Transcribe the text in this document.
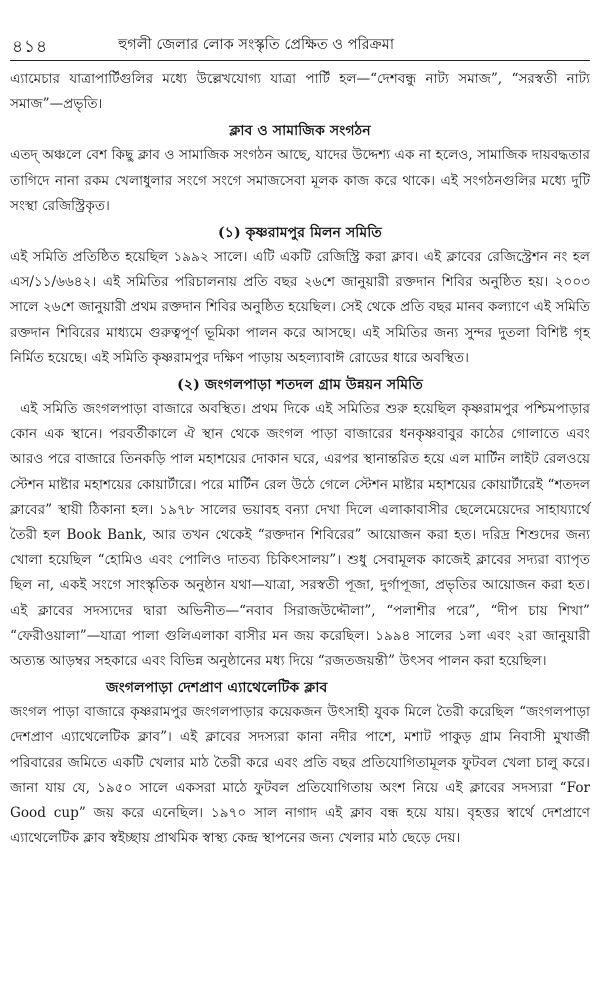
৪১৪	হুগলী জেলার লোক সংস্কৃতি প্রেক্ষিত ও পরিক্রমা

এ্যামেচার যাত্রাপার্টিগুলির মধ্যে উল্লেখযোগ্য যাত্রা পার্টি হল—“দেশবন্ধু নাট্য সমাজ”, “সরস্বতী নাট্য সমাজ”—প্রভৃতি।

ক্লাব ও সামাজিক সংগঠন

এতদ্‌ অঞ্চলে বেশ কিছু ক্লাব ও সামাজিক সংগঠন আছে, যাদের উদ্দেশ্য এক না হলেও, সামাজিক দায়বদ্ধতার তাগিদে নানা রকম খেলাধুলার সংগে সংগে সমাজসেবা মূলক কাজ করে থাকে। এই সংগঠনগুলির মধ্যে দুটি সংস্থা রেজিস্ট্রিকৃত।

(১) কৃষ্ণরামপুর মিলন সমিতি

এই সমিতি প্রতিষ্ঠিত হয়েছিল ১৯৯২ সালে। এটি একটি রেজিস্ট্রি করা ক্লাব। এই ক্লাবের রেজিস্ট্রেশন নং হল এস/১১/৬৬৪২। এই সমিতির পরিচালনায় প্রতি বছর ২৬শে জানুয়ারী রক্তদান শিবির অনুষ্ঠিত হয়। ২০০৩ সালে ২৬শে জানুয়ারী প্রথম রক্তদান শিবির অনুষ্ঠিত হয়েছিল। সেই থেকে প্রতি বছর মানব কল্যাণে এই সমিতি রক্তদান শিবিরের মাধ্যমে গুরুত্বপূর্ণ ভূমিকা পালন করে আসছে। এই সমিতির জন্য সুন্দর দুতলা বিশিষ্ট গৃহ নির্মিত হয়েছে। এই সমিতি কৃষ্ণরামপুর দক্ষিণ পাড়ায় অহল্যাবাঈ রোডের ধারে অবস্থিত।

(২) জংগলপাড়া শতদল গ্রাম উন্নয়ন সমিতি

এই সমিতি জংগলপাড়া বাজারে অবস্থিত। প্রথম দিকে এই সমিতির শুরু হয়েছিল কৃষ্ণরামপুর পশ্চিমপাড়ার কোন এক স্থানে। পরবর্তীকালে ঐ স্থান থেকে জংগল পাড়া বাজারের ধনকৃষ্ণবাবুর কাঠের গোলাতে এবং আরও পরে বাজারে তিনকড়ি পাল মহাশয়ের দোকান ঘরে, এরপর স্থানান্তরিত হয়ে এল মার্টিন লাইট রেলওয়ে স্টেশন মাষ্টার মহাশয়ের কোয়ার্টারে। পরে মার্টিন রেল উঠে গেলে স্টেশন মাষ্টার মহাশয়ের কোয়ার্টারেই “শতদল ক্লাবের” স্থায়ী ঠিকানা হল। ১৯৭৮ সালের ভয়াবহ বন্যা দেখা দিলে এলাকাবাসীর ছেলেমেয়েদের সাহায্যার্থে তৈরী হল Book Bank, আর তখন থেকেই “রক্তদান শিবিরের” আয়োজন করা হত। দরিদ্র শিশুদের জন্য খোলা হয়েছিল “হোমিও এবং পোলিও দাতব্য চিকিৎসালয়”। শুধু সেবামূলক কাজেই ক্লাবের সদ্যরা ব্যাপৃত ছিল না, একই সংগে সাংস্কৃতিক অনুষ্ঠান যথা—যাত্রা, সরস্বতী পূজা, দুর্গাপূজা, প্রভৃতির আয়োজন করা হত। এই ক্লাবের সদস্যদের দ্বারা অভিনীত—“নবাব সিরাজউদ্দৌলা”, “পলাশীর পরে”, “দীপ চায় শিখা” “ফেরীওয়ালা”—যাত্রা পালা গুলিএলাকা বাসীর মন জয় করেছিল। ১৯৯৪ সালের ১লা এবং ২রা জানুয়ারী অত্যন্ত আড়ম্বর সহকারে এবং বিভিন্ন অনুষ্ঠানের মধ্য দিয়ে “রজতজয়ন্তী” উৎসব পালন করা হয়েছিল।

জংগলপাড়া দেশপ্রাণ এ্যাথেলেটিক ক্লাব

জংগল পাড়া বাজারে কৃষ্ণরামপুর জংগলপাড়ার কয়েকজন উৎসাহী যুবক মিলে তৈরী করেছিল “জংগলপাড়া দেশপ্রাণ এ্যাথেলেটিক ক্লাব”। এই ক্লাবের সদস্যরা কানা নদীর পাশে, মশাট পাকুড় গ্রাম নিবাসী মুখার্জী পরিবারের জমিতে একটি খেলার মাঠ তৈরী করে এবং প্রতি বছর প্রতিযোগিতামূলক ফুটবল খেলা চালু করে। জানা যায় যে, ১৯৫০ সালে একসরা মাঠে ফুটবল প্রতিযোগিতায় অংশ নিয়ে এই ক্লাবের সদস্যরা “For Good cup” জয় করে এনেছিল। ১৯৭০ সাল নাগাদ এই ক্লাব বন্ধ হয়ে যায়। বৃহত্তর স্বার্থে দেশপ্রাণে এ্যাথেলেটিক ক্লাব স্বইচ্ছায় প্রাথমিক স্বাস্থ্য কেন্দ্র স্থাপনের জন্য খেলার মাঠ ছেড়ে দেয়।
